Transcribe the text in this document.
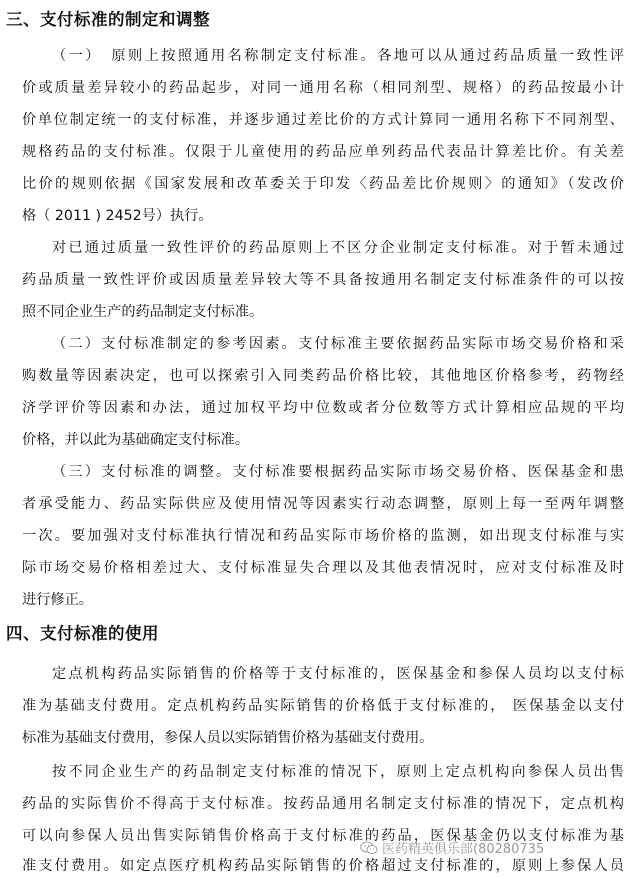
三、支付标准的制定和调整

（一）　原则上按照通用名称制定支付标准。各地可以从通过药品质量一致性评

价或质量差异较小的药品起步，对同一通用名称（相同剂型、规格）的药品按最小计

价单位制定统一的支付标准，并逐步通过差比价的方式计算同一通用名称下不同剂型、

规格药品的支付标准。仅限于儿童使用的药品应单列药品代表品计算差比价。有关差

比价的规则依据《国家发展和改革委关于印发〈药品差比价规则〉的通知》（发改价

格（ 2011 ) 2452号）执行。

对已通过质量一致性评价的药品原则上不区分企业制定支付标准。对于暂未通过

药品质量一致性评价或因质量差异较大等不具备按通用名制定支付标准条件的可以按

照不同企业生产的药品制定支付标准。

（二）支付标准制定的参考因素。支付标准主要依据药品实际市场交易价格和采

购数量等因素决定，也可以探索引入同类药品价格比较，其他地区价格参考，药物经

济学评价等因素和办法，通过加权平均中位数或者分位数等方式计算相应品规的平均

价格，并以此为基础确定支付标准。

（三）支付标准的调整。支付标准要根据药品实际市场交易价格、医保基金和患

者承受能力、药品实际供应及使用情况等因素实行动态调整，原则上每一至两年调整

一次。要加强对支付标准执行情况和药品实际市场价格的监测，如出现支付标准与实

际市场交易价格相差过大、支付标准显失合理以及其他表情况时，应对支付标准及时

进行修正。

四、支付标准的使用

定点机构药品实际销售的价格等于支付标准的，医保基金和参保人员均以支付标

准为基础支付费用。定点机构药品实际销售的价格低于支付标准的， 医保基金以支付

标准为基础支付费用，参保人员以实际销售价格为基础支付费用。

按不同企业生产的药品制定支付标准的情况下，原则上定点机构向参保人员出售

药品的实际售价不得高于支付标准。按药品通用名制定支付标准的情况下，定点机构

可以向参保人员出售实际销售价格高于支付标准的药品，医保基金仍以支付标准为基

准支付费用。如定点医疗机构药品实际销售的价格超过支付标准的，原则上参保人员

医药精英俱乐部(80280735
